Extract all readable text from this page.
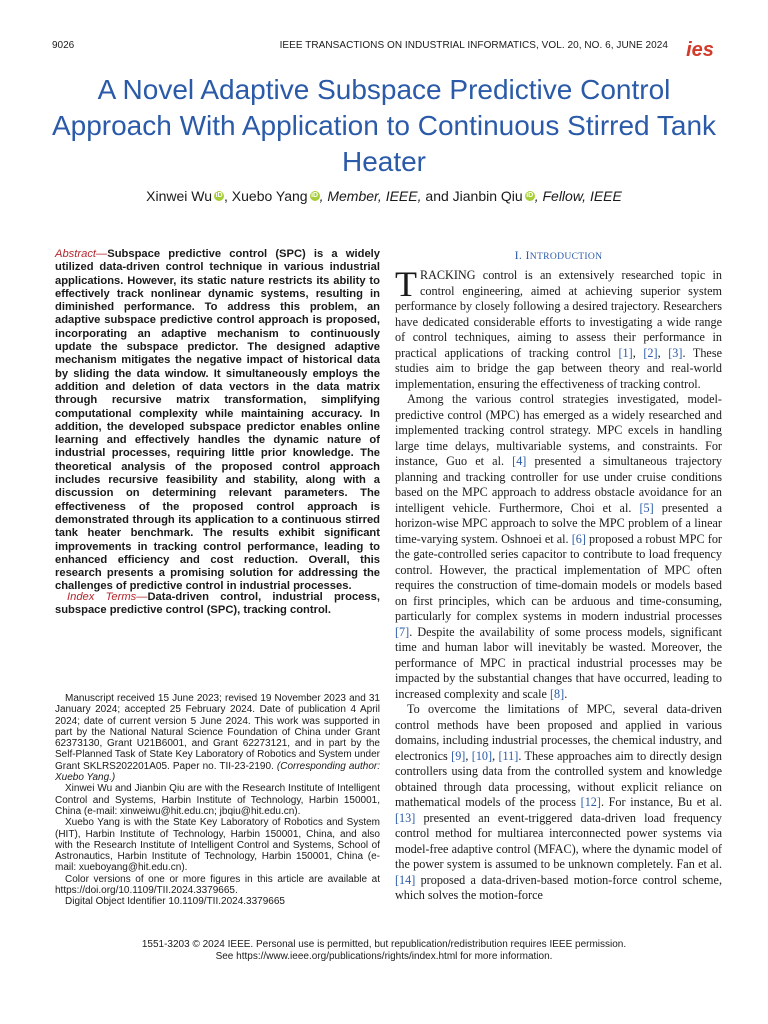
9026	IEEE TRANSACTIONS ON INDUSTRIAL INFORMATICS, VOL. 20, NO. 6, JUNE 2024 ies
A Novel Adaptive Subspace Predictive Control Approach With Application to Continuous Stirred Tank Heater
Xinwei Wu iD , Xuebo Yang iD , Member, IEEE, and Jianbin Qiu iD , Fellow, IEEE
Abstract—Subspace predictive control (SPC) is a widely utilized data-driven control technique in various industrial applications. However, its static nature restricts its ability to effectively track nonlinear dynamic systems, resulting in diminished performance. To address this problem, an adaptive subspace predictive control approach is proposed, incorporating an adaptive mechanism to continuously update the subspace predictor. The designed adaptive mechanism mitigates the negative impact of historical data by sliding the data window. It simultaneously employs the addition and deletion of data vectors in the data matrix through recursive matrix transformation, simplifying computational complexity while maintaining accuracy. In addition, the developed subspace predictor enables online learning and effectively handles the dynamic nature of industrial processes, requiring little prior knowledge. The theoretical analysis of the proposed control approach includes recursive feasibility and stability, along with a discussion on determining relevant parameters. The effectiveness of the proposed control approach is demonstrated through its application to a continuous stirred tank heater benchmark. The results exhibit significant improvements in tracking control performance, leading to enhanced efficiency and cost reduction. Overall, this research presents a promising solution for addressing the challenges of predictive control in industrial processes.
Index Terms—Data-driven control, industrial process, subspace predictive control (SPC), tracking control.

Manuscript received 15 June 2023; revised 19 November 2023 and 31 January 2024; accepted 25 February 2024. Date of publication 4 April 2024; date of current version 5 June 2024. This work was supported in part by the National Natural Science Foundation of China under Grant 62373130, Grant U21B6001, and Grant 62273121, and in part by the Self-Planned Task of State Key Laboratory of Robotics and System under Grant SKLRS202201A05. Paper no. TII-23-2190. (Corresponding author: Xuebo Yang.)

Xinwei Wu and Jianbin Qiu are with the Research Institute of Intelligent Control and Systems, Harbin Institute of Technology, Harbin 150001, China (e-mail: xinweiwu@hit.edu.cn; jbqiu@hit.edu.cn).

Xuebo Yang is with the State Key Laboratory of Robotics and System (HIT), Harbin Institute of Technology, Harbin 150001, China, and also with the Research Institute of Intelligent Control and Systems, School of Astronautics, Harbin Institute of Technology, Harbin 150001, China (e-mail: xueboyang@hit.edu.cn).

Color versions of one or more figures in this article are available at https://doi.org/10.1109/TII.2024.3379665.

Digital Object Identifier 10.1109/TII.2024.3379665

I. INTRODUCTION

TRACKING control is an extensively researched topic in control engineering, aimed at achieving superior system performance by closely following a desired trajectory. Researchers have dedicated considerable efforts to investigating a wide range of control techniques, aiming to assess their performance in practical applications of tracking control [1], [2], [3]. These studies aim to bridge the gap between theory and real-world implementation, ensuring the effectiveness of tracking control.

Among the various control strategies investigated, model-predictive control (MPC) has emerged as a widely researched and implemented tracking control strategy. MPC excels in handling large time delays, multivariable systems, and constraints. For instance, Guo et al. [4] presented a simultaneous trajectory planning and tracking controller for use under cruise conditions based on the MPC approach to address obstacle avoidance for an intelligent vehicle. Furthermore, Choi et al. [5] presented a horizon-wise MPC approach to solve the MPC problem of a linear time-varying system. Oshnoei et al. [6] proposed a robust MPC for the gate-controlled series capacitor to contribute to load frequency control. However, the practical implementation of MPC often requires the construction of time-domain models or models based on first principles, which can be arduous and time-consuming, particularly for complex systems in modern industrial processes [7]. Despite the availability of some process models, significant time and human labor will inevitably be wasted. Moreover, the performance of MPC in practical industrial processes may be impacted by the substantial changes that have occurred, leading to increased complexity and scale [8].

To overcome the limitations of MPC, several data-driven control methods have been proposed and applied in various domains, including industrial processes, the chemical industry, and electronics [9], [10], [11]. These approaches aim to directly design controllers using data from the controlled system and knowledge obtained through data processing, without explicit reliance on mathematical models of the process [12]. For instance, Bu et al. [13] presented an event-triggered data-driven load frequency control method for multiarea interconnected power systems via model-free adaptive control (MFAC), where the dynamic model of the power system is assumed to be unknown completely. Fan et al. [14] proposed a data-driven-based motion-force control scheme, which solves the motion-force

1551-3203 © 2024 IEEE. Personal use is permitted, but republication/redistribution requires IEEE permission.
See https://www.ieee.org/publications/rights/index.html for more information.
